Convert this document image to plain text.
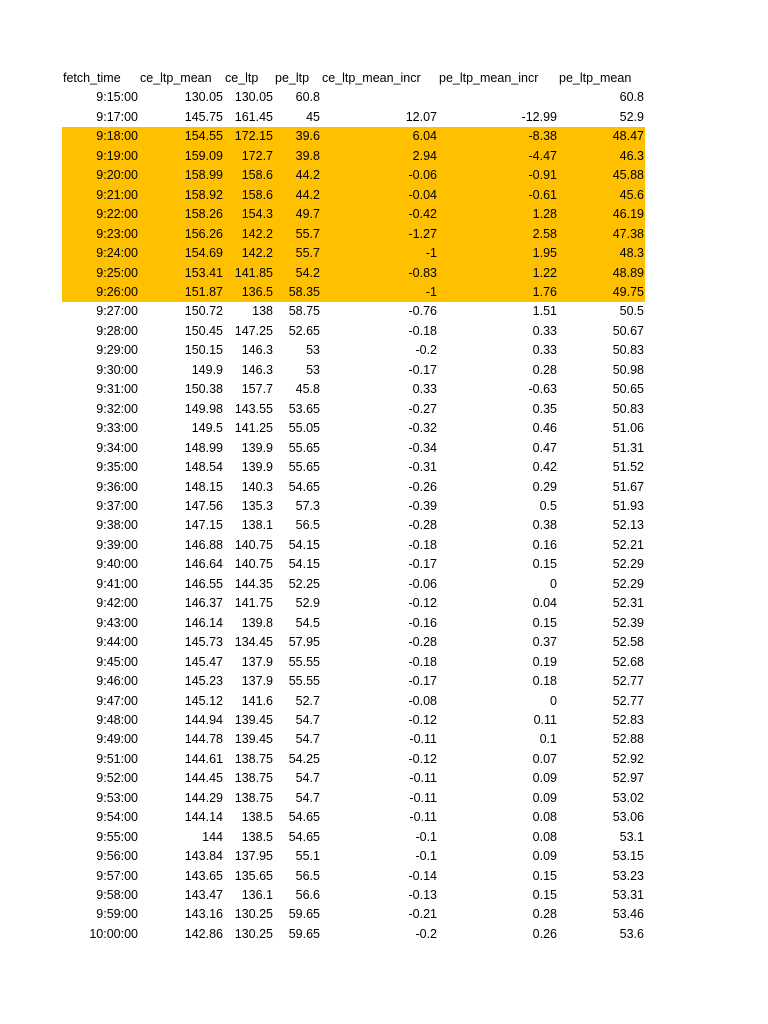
fetch_time	ce_ltp_mean	ce_ltp	pe_ltp	ce_ltp_mean_incr	pe_ltp_mean_incr	pe_ltp_mean
9:15:00	130.05	130.05	60.8			60.8
9:17:00	145.75	161.45	45	12.07	-12.99	52.9
9:18:00	154.55	172.15	39.6	6.04	-8.38	48.47
9:19:00	159.09	172.7	39.8	2.94	-4.47	46.3
9:20:00	158.99	158.6	44.2	-0.06	-0.91	45.88
9:21:00	158.92	158.6	44.2	-0.04	-0.61	45.6
9:22:00	158.26	154.3	49.7	-0.42	1.28	46.19
9:23:00	156.26	142.2	55.7	-1.27	2.58	47.38
9:24:00	154.69	142.2	55.7	-1	1.95	48.3
9:25:00	153.41	141.85	54.2	-0.83	1.22	48.89
9:26:00	151.87	136.5	58.35	-1	1.76	49.75
9:27:00	150.72	138	58.75	-0.76	1.51	50.5
9:28:00	150.45	147.25	52.65	-0.18	0.33	50.67
9:29:00	150.15	146.3	53	-0.2	0.33	50.83
9:30:00	149.9	146.3	53	-0.17	0.28	50.98
9:31:00	150.38	157.7	45.8	0.33	-0.63	50.65
9:32:00	149.98	143.55	53.65	-0.27	0.35	50.83
9:33:00	149.5	141.25	55.05	-0.32	0.46	51.06
9:34:00	148.99	139.9	55.65	-0.34	0.47	51.31
9:35:00	148.54	139.9	55.65	-0.31	0.42	51.52
9:36:00	148.15	140.3	54.65	-0.26	0.29	51.67
9:37:00	147.56	135.3	57.3	-0.39	0.5	51.93
9:38:00	147.15	138.1	56.5	-0.28	0.38	52.13
9:39:00	146.88	140.75	54.15	-0.18	0.16	52.21
9:40:00	146.64	140.75	54.15	-0.17	0.15	52.29
9:41:00	146.55	144.35	52.25	-0.06	0	52.29
9:42:00	146.37	141.75	52.9	-0.12	0.04	52.31
9:43:00	146.14	139.8	54.5	-0.16	0.15	52.39
9:44:00	145.73	134.45	57.95	-0.28	0.37	52.58
9:45:00	145.47	137.9	55.55	-0.18	0.19	52.68
9:46:00	145.23	137.9	55.55	-0.17	0.18	52.77
9:47:00	145.12	141.6	52.7	-0.08	0	52.77
9:48:00	144.94	139.45	54.7	-0.12	0.11	52.83
9:49:00	144.78	139.45	54.7	-0.11	0.1	52.88
9:51:00	144.61	138.75	54.25	-0.12	0.07	52.92
9:52:00	144.45	138.75	54.7	-0.11	0.09	52.97
9:53:00	144.29	138.75	54.7	-0.11	0.09	53.02
9:54:00	144.14	138.5	54.65	-0.11	0.08	53.06
9:55:00	144	138.5	54.65	-0.1	0.08	53.1
9:56:00	143.84	137.95	55.1	-0.1	0.09	53.15
9:57:00	143.65	135.65	56.5	-0.14	0.15	53.23
9:58:00	143.47	136.1	56.6	-0.13	0.15	53.31
9:59:00	143.16	130.25	59.65	-0.21	0.28	53.46
10:00:00	142.86	130.25	59.65	-0.2	0.26	53.6
